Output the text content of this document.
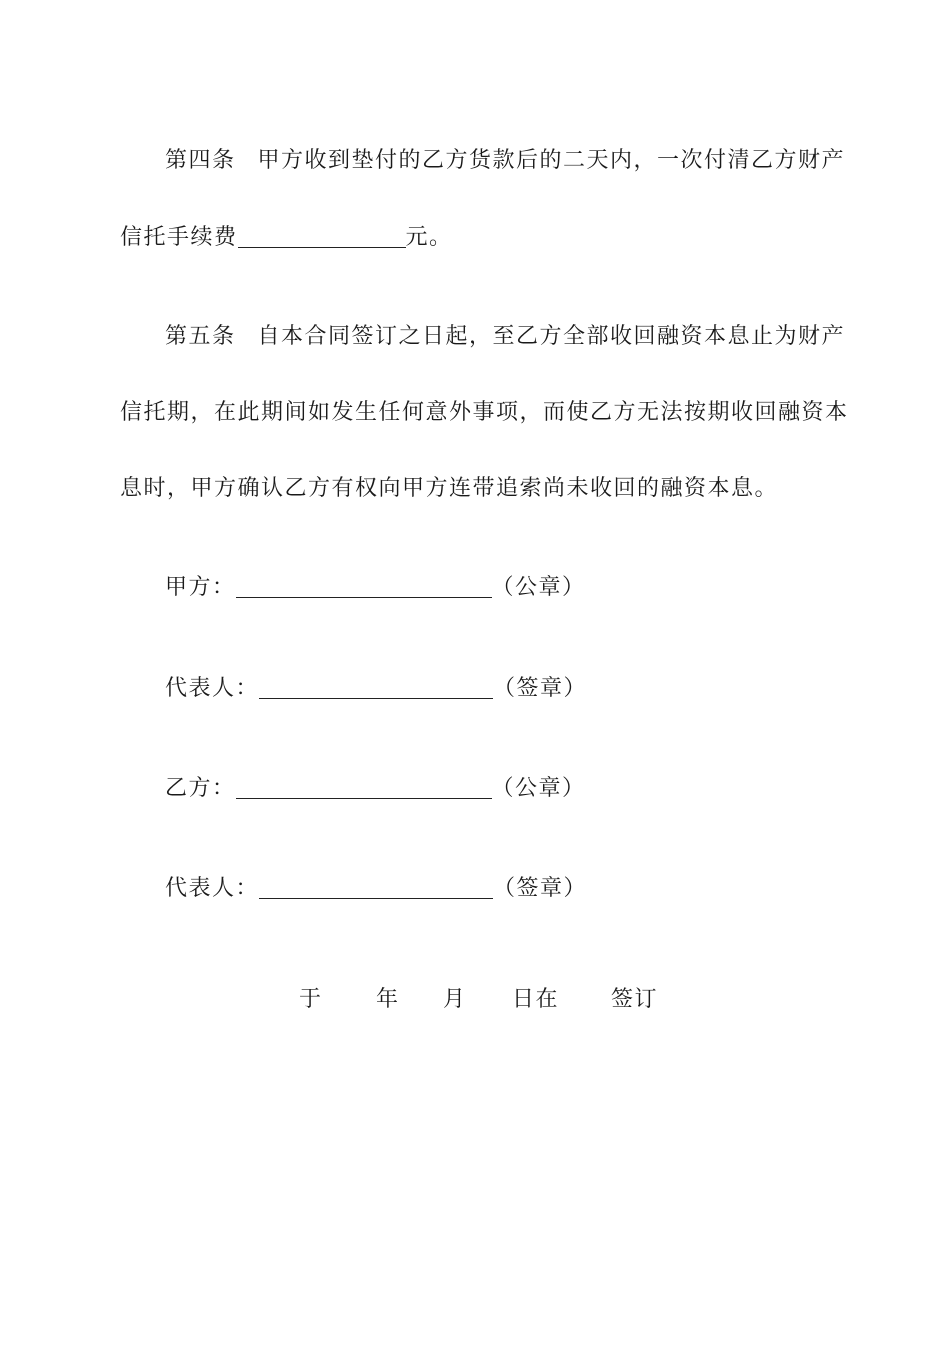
第四条 甲方收到垫付的乙方货款后的二天内，一次付清乙方财产
信托手续费	元。
第五条 自本合同签订之日起，至乙方全部收回融资本息止为财产
信托期，在此期间如发生任何意外事项，而使乙方无法按期收回融资本
息时，甲方确认乙方有权向甲方连带追索尚未收回的融资本息。
甲方：	（公章）
代表人：	（签章）
乙方：	（公章）
代表人：	（签章）
于 年 月 日在 签订
